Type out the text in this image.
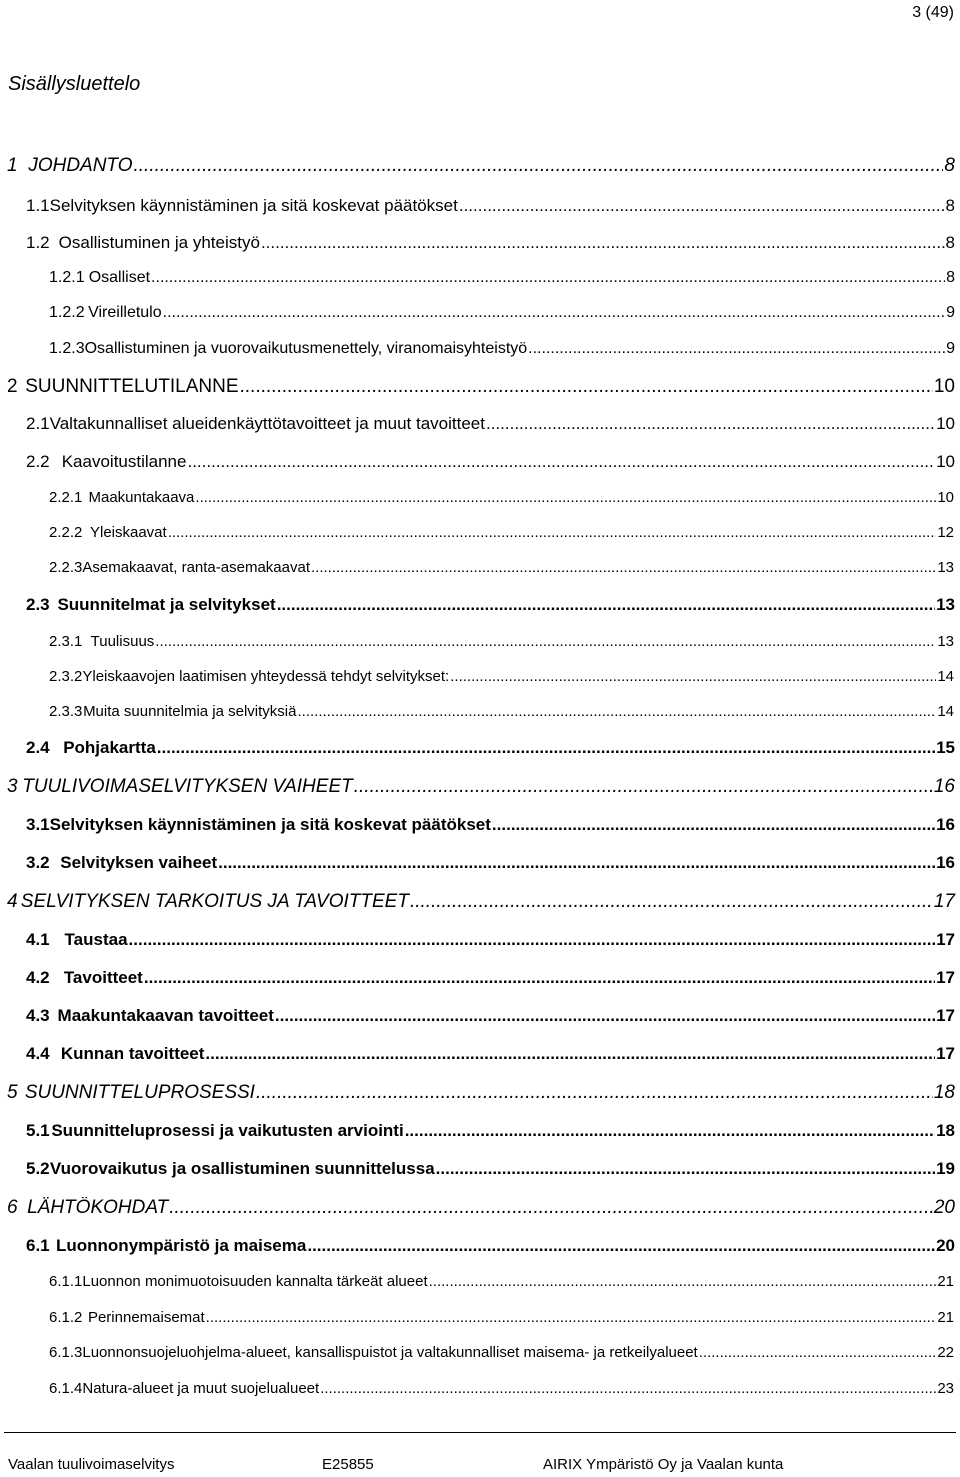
3 (49)
Sisällysluettelo
1 JOHDANTO .....	8
1.1 Selvityksen käynnistäminen ja sitä koskevat päätökset .....	8
1.2 Osallistuminen ja yhteistyö .....	8
1.2.1 Osalliset .....	8
1.2.2 Vireilletulo .....	9
1.2.3 Osallistuminen ja vuorovaikutusmenettely, viranomaisyhteistyö .....	9
2 SUUNNITTELUTILANNE .....	10
2.1 Valtakunnalliset alueidenkäyttötavoitteet ja muut tavoitteet .....	10
2.2 Kaavoitustilanne .....	10
2.2.1 Maakuntakaava .....	10
2.2.2 Yleiskaavat .....	12
2.2.3 Asemakaavat, ranta-asemakaavat .....	13
2.3 Suunnitelmat ja selvitykset .....	13
2.3.1 Tuulisuus .....	13
2.3.2 Yleiskaavojen laatimisen yhteydessä tehdyt selvitykset: .....	14
2.3.3 Muita suunnitelmia ja selvityksiä .....	14
2.4 Pohjakartta .....	15
3 TUULIVOIMASELVITYKSEN VAIHEET .....	16
3.1 Selvityksen käynnistäminen ja sitä koskevat päätökset .....	16
3.2 Selvityksen vaiheet .....	16
4 SELVITYKSEN TARKOITUS JA TAVOITTEET .....	17
4.1 Taustaa .....	17
4.2 Tavoitteet .....	17
4.3 Maakuntakaavan tavoitteet .....	17
4.4 Kunnan tavoitteet .....	17
5 SUUNNITTELUPROSESSI .....	18
5.1 Suunnitteluprosessi ja vaikutusten arviointi .....	18
5.2 Vuorovaikutus ja osallistuminen suunnittelussa .....	19
6 LÄHTÖKOHDAT .....	20
6.1 Luonnonympäristö ja maisema .....	20
6.1.1 Luonnon monimuotoisuuden kannalta tärkeät alueet .....	21
6.1.2 Perinnemaisemat .....	21
6.1.3 Luonnonsuojeluohjelma-alueet, kansallispuistot ja valtakunnalliset maisema- ja retkeilyalueet .....	22
6.1.4 Natura-alueet ja muut suojelualueet .....	23
Vaalan tuulivoimaselvitys	E25855	AIRIX Ympäristö Oy ja Vaalan kunta
